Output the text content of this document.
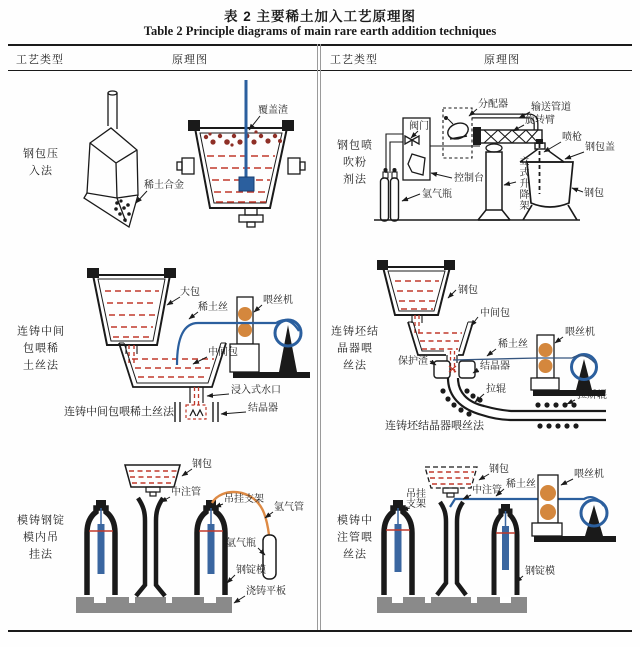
表 2 主要稀土加入工艺原理图
Table 2 Principle diagrams of main rare earth addition techniques
工艺类型	原理图	工艺类型	原理图
钢包压
入法
覆盖渣
稀土合金
钢包喷
吹粉
剂法
阀门
控制台
氩气瓶
分配器 输送管道
旋转臂
喷枪
钢包盖
钢包
立式升降架
连铸中间
包喂稀
土丝法
大包
稀土丝
喂丝机
中间包
浸入式水口
结晶器
连铸中间包喂稀土丝法
连铸坯结
晶器喂
丝法
钢包
中间包
保护渣	结晶器
稀土丝
喂丝机
拉辊
拉矫辊
连铸坯结晶器喂丝法
模铸钢锭
模内吊
挂法
钢包
中注管
吊挂支架
氩气管
氩气瓶
钢锭模
浇铸平板
模铸中
注管喂
丝法
钢包
稀土丝
中注管
吊挂
支架
喂丝机
钢锭模
